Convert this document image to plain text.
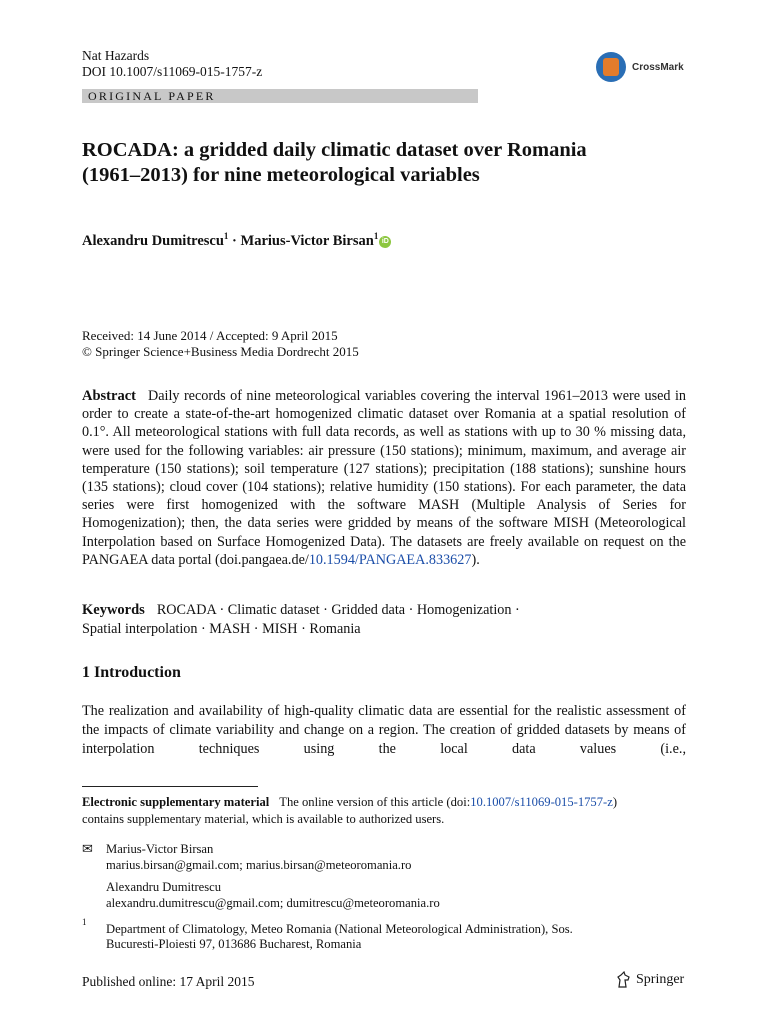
Nat Hazards
DOI 10.1007/s11069-015-1757-z	CrossMark
ORIGINAL PAPER
ROCADA: a gridded daily climatic dataset over Romania (1961–2013) for nine meteorological variables
Alexandru Dumitrescu$^1$ · Marius-Victor Birsan$^1$ iD
Received: 14 June 2014 / Accepted: 9 April 2015
© Springer Science+Business Media Dordrecht 2015
Abstract Daily records of nine meteorological variables covering the interval 1961–2013 were used in order to create a state-of-the-art homogenized climatic dataset over Romania at a spatial resolution of 0.1°. All meteorological stations with full data records, as well as stations with up to 30 % missing data, were used for the following variables: air pressure (150 stations); minimum, maximum, and average air temperature (150 stations); soil temperature (127 stations); precipitation (188 stations); sunshine hours (135 stations); cloud cover (104 stations); relative humidity (150 stations). For each parameter, the data series were first homogenized with the software MASH (Multiple Analysis of Series for Homogenization); then, the data series were gridded by means of the software MISH (Meteorological Interpolation based on Surface Homogenized Data). The datasets are freely available on request on the PANGAEA data portal (doi.pangaea.de/10.1594/PANGAEA.833627).
Keywords ROCADA · Climatic dataset · Gridded data · Homogenization ·
Spatial interpolation · MASH · MISH · Romania
1 Introduction
The realization and availability of high-quality climatic data are essential for the realistic assessment of the impacts of climate variability and change on a region. The creation of gridded datasets by means of interpolation techniques using the local data values (i.e.,
Electronic supplementary material The online version of this article (doi:10.1007/s11069-015-1757-z)
contains supplementary material, which is available to authorized users.
✉ Marius-Victor Birsan
marius.birsan@gmail.com; marius.birsan@meteoromania.ro
Alexandru Dumitrescu
alexandru.dumitrescu@gmail.com; dumitrescu@meteoromania.ro
1 Department of Climatology, Meteo Romania (National Meteorological Administration), Sos.
Bucuresti-Ploiesti 97, 013686 Bucharest, Romania
Published online: 17 April 2015	Springer
